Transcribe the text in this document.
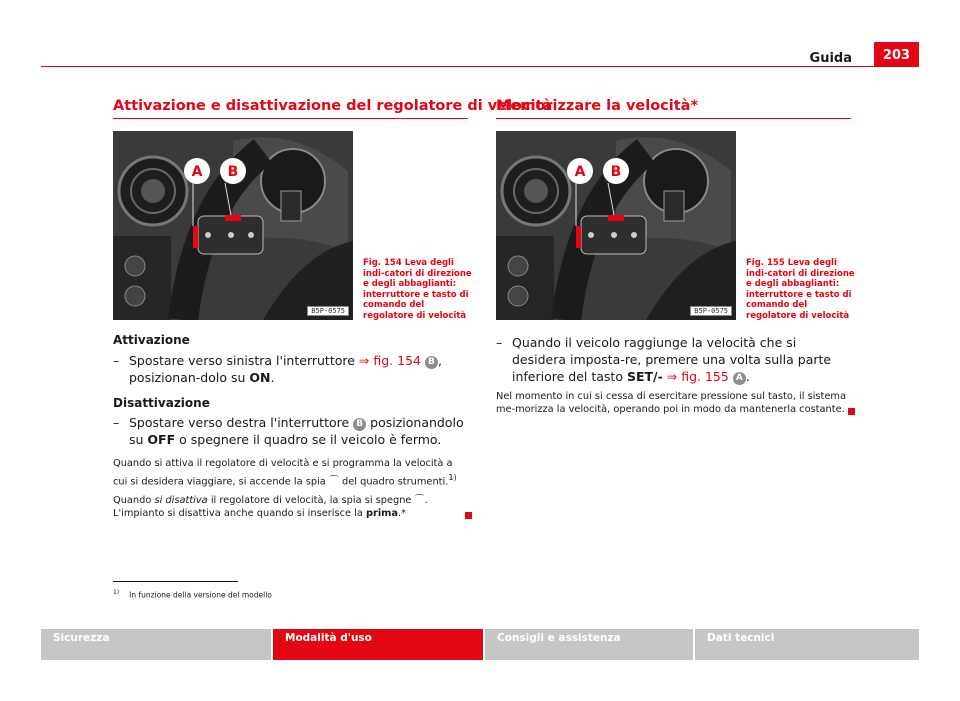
Guida	203
Attivazione e disattivazione del regolatore di velocità
A B
B5P-0575
Fig. 154 Leva degli indi-catori di direzione e degli abbaglianti: interruttore e tasto di comando del regolatore di velocità
Attivazione
– Spostare verso sinistra l'interruttore ⇒ fig. 154 B , posizionan-dolo su ON.
Disattivazione
– Spostare verso destra l'interruttore B posizionandolo su OFF o spegnere il quadro se il veicolo è fermo.
Quando si attiva il regolatore di velocità e si programma la velocità a cui si desidera viaggiare, si accende la spia ⌒ del quadro strumenti.$^{1)}$
Quando si disattiva il regolatore di velocità, la spia si spegne ⌒. L'impianto si disattiva anche quando si inserisce la prima.*
Memorizzare la velocità*
A B
B5P-0575
Fig. 155 Leva degli indi-catori di direzione e degli abbaglianti: interruttore e tasto di comando del regolatore di velocità
– Quando il veicolo raggiunge la velocità che si desidera imposta-re, premere una volta sulla parte inferiore del tasto SET/- ⇒ fig. 155 A .
Nel momento in cui si cessa di esercitare pressione sul tasto, il sistema me-morizza la velocità, operando poi in modo da mantenerla costante.
$^{1)}$ In funzione della versione del modello
Sicurezza	Modalità d'uso	Consigli e assistenza	Dati tecnici
